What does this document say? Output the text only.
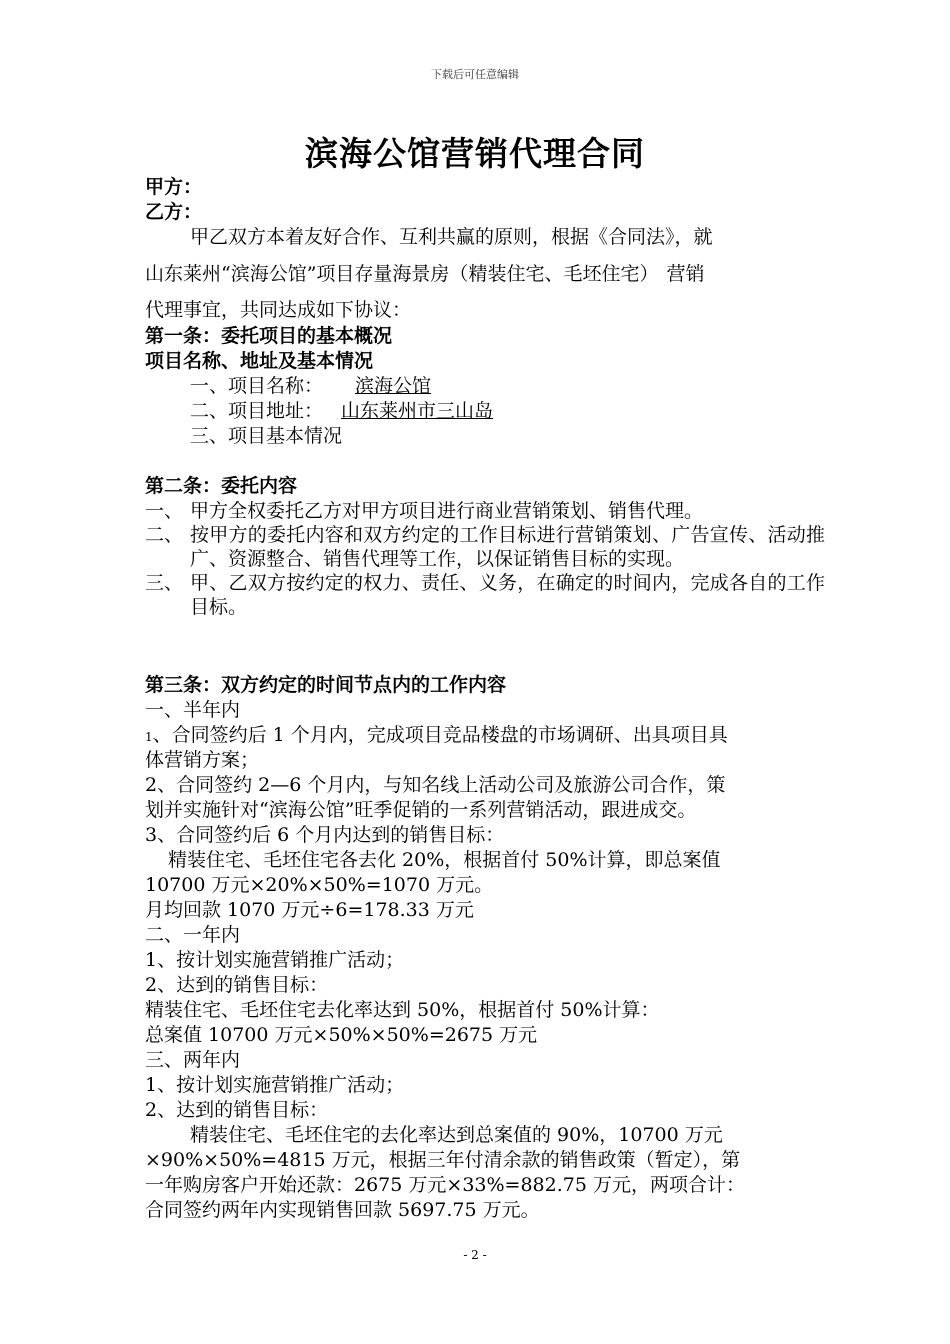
下载后可任意编辑
滨海公馆营销代理合同
甲方：
乙方：
甲乙双方本着友好合作、互利共赢的原则，根据《合同法》，就
山东莱州“滨海公馆”项目存量海景房（精装住宅、毛坯住宅） 营销
代理事宜，共同达成如下协议：
第一条：委托项目的基本概况
项目名称、地址及基本情况
一、项目名称： 滨海公馆
二、项目地址： 山东莱州市三山岛
三、项目基本情况
第二条：委托内容
一、 甲方全权委托乙方对甲方项目进行商业营销策划、销售代理。
二、 按甲方的委托内容和双方约定的工作目标进行营销策划、广告宣传、活动推广、资源整合、销售代理等工作，以保证销售目标的实现。
三、 甲、乙双方按约定的权力、责任、义务，在确定的时间内，完成各自的工作目标。
第三条：双方约定的时间节点内的工作内容
一、半年内
1、合同签约后 1 个月内，完成项目竞品楼盘的市场调研、出具项目具
体营销方案；
2、合同签约 2—6 个月内，与知名线上活动公司及旅游公司合作，策
划并实施针对“滨海公馆”旺季促销的一系列营销活动，跟进成交。
3、合同签约后 6 个月内达到的销售目标：
精装住宅、毛坯住宅各去化 20%，根据首付 50%计算，即总案值
10700 万元×20%×50%=1070 万元。
月均回款 1070 万元÷6=178.33 万元
二、一年内
1、按计划实施营销推广活动；
2、达到的销售目标：
精装住宅、毛坯住宅去化率达到 50%，根据首付 50%计算：
总案值 10700 万元×50%×50%=2675 万元
三、两年内
1、按计划实施营销推广活动；
2、达到的销售目标：
精装住宅、毛坯住宅的去化率达到总案值的 90%，10700 万元
×90%×50%=4815 万元，根据三年付清余款的销售政策（暂定），第
一年购房客户开始还款：2675 万元×33%=882.75 万元，两项合计：
合同签约两年内实现销售回款 5697.75 万元。
- 2 -
